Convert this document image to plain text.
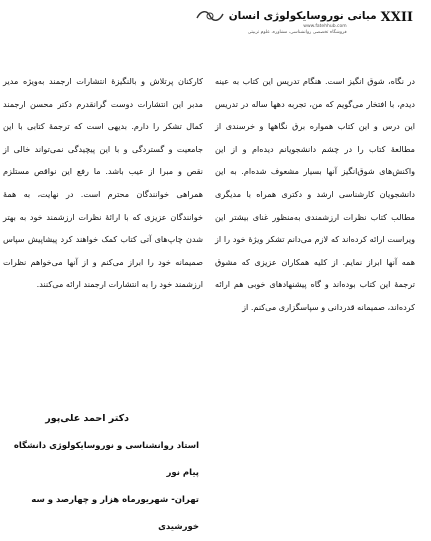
XXII
مبانی نوروسایکولوژی انسان
www.fatehhub.com
فروشگاه تخصصی روانشناسی، مشاوره، علوم تربیتی

در نگاه، شوق انگیز است. هنگام تدریس این کتاب به عینه دیدم، با افتخار می‌گویم که من، تجربه دهها ساله در تدریس این درس و این کتاب همواره برق نگاهها و خرسندی از مطالعهٔ کتاب را در چشم دانشجویانم دیده‌ام و از این واکنش‌های شوق‌انگیز آنها بسیار مشعوف شده‌ام. به این دانشجویان کارشناسی ارشد و دکتری همراه با مدیگری مطالب کتاب نظرات ارزشمندی به‌منظور غنای بیشتر این ویراست ارائه کرده‌اند که لازم می‌دانم تشکر ویژهٔ خود را از همه آنها ابراز نمایم. از کلیه همکاران عزیزی که مشوق ترجمهٔ این کتاب بوده‌اند و گاه پیشنهادهای خوبی هم ارائه کرده‌اند، صمیمانه قدردانی و سپاسگزاری می‌کنم. از

کارکنان پرتلاش و بالنگیزهٔ انتشارات ارجمند به‌ویژه مدیر مدبر این انتشارات دوست گرانقدرم دکتر محسن ارجمند کمال تشکر را دارم. بدیهی است که ترجمهٔ کتابی با این جامعیت و گستردگی و با این پیچیدگی نمی‌تواند خالی از نقص و مبرا از عیب باشد. ما رفع این نواقص مستلزم همراهی خوانندگان محترم است. در نهایت، به همهٔ خوانندگان عزیزی که با ارائهٔ نظرات ارزشمند خود به بهتر شدن چاپ‌های آتی کتاب کمک خواهند کرد پیشاپیش سپاس صمیمانه خود را ابراز می‌کنم و از آنها می‌خواهم نظرات ارزشمند خود را به انتشارات ارجمند ارائه می‌کنند.

دکتر احمد علی‌پور

استاد روانشناسی و نوروسایکولوژی دانشگاه پیام نور

تهران- شهریورماه هزار و چهارصد و سه خورشیدی
